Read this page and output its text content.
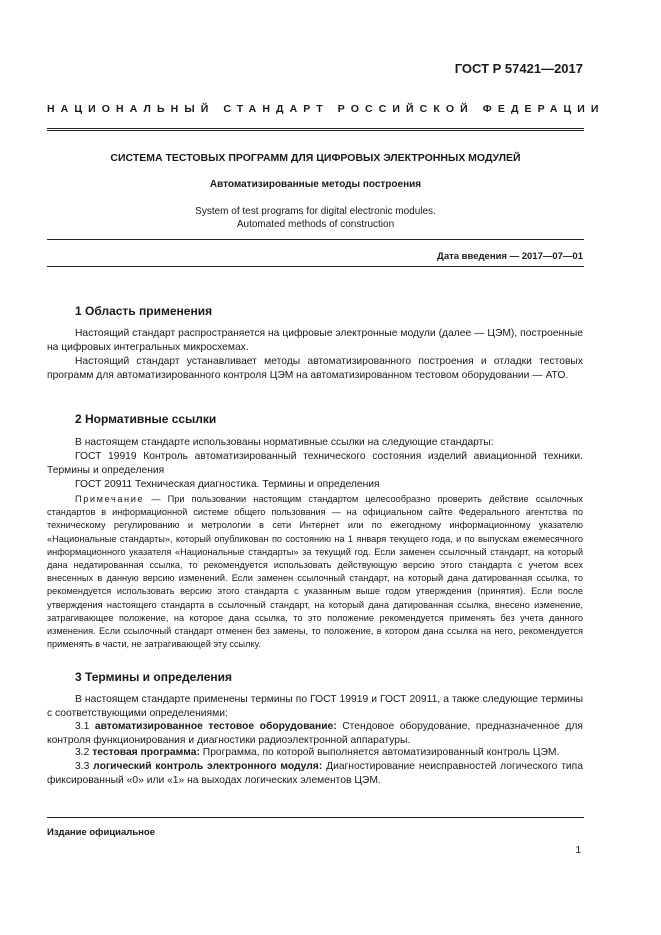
ГОСТ Р 57421—2017
НАЦИОНАЛЬНЫЙ СТАНДАРТ РОССИЙСКОЙ ФЕДЕРАЦИИ
СИСТЕМА ТЕСТОВЫХ ПРОГРАММ ДЛЯ ЦИФРОВЫХ ЭЛЕКТРОННЫХ МОДУЛЕЙ
Автоматизированные методы построения
System of test programs for digital electronic modules.
Automated methods of construction
Дата введения — 2017—07—01
1 Область применения
Настоящий стандарт распространяется на цифровые электронные модули (далее — ЦЭМ), построенные на цифровых интегральных микросхемах.
Настоящий стандарт устанавливает методы автоматизированного построения и отладки тестовых программ для автоматизированного контроля ЦЭМ на автоматизированном тестовом оборудовании — АТО.
2 Нормативные ссылки
В настоящем стандарте использованы нормативные ссылки на следующие стандарты:
ГОСТ 19919 Контроль автоматизированный технического состояния изделий авиационной техники. Термины и определения
ГОСТ 20911 Техническая диагностика. Термины и определения
Примечание — При пользовании настоящим стандартом целесообразно проверить действие ссылочных стандартов в информационной системе общего пользования — на официальном сайте Федерального агентства по техническому регулированию и метрологии в сети Интернет или по ежегодному информационному указателю «Национальные стандарты», который опубликован по состоянию на 1 января текущего года, и по выпускам ежемесячного информационного указателя «Национальные стандарты» за текущий год. Если заменен ссылочный стандарт, на который дана недатированная ссылка, то рекомендуется использовать действующую версию этого стандарта с учетом всех внесенных в данную версию изменений. Если заменен ссылочный стандарт, на который дана датированная ссылка, то рекомендуется использовать версию этого стандарта с указанным выше годом утверждения (принятия). Если после утверждения настоящего стандарта в ссылочный стандарт, на который дана датированная ссылка, внесено изменение, затрагивающее положение, на которое дана ссылка, то это положение рекомендуется применять без учета данного изменения. Если ссылочный стандарт отменен без замены, то положение, в котором дана ссылка на него, рекомендуется применять в части, не затрагивающей эту ссылку.
3 Термины и определения
В настоящем стандарте применены термины по ГОСТ 19919 и ГОСТ 20911, а также следующие термины с соответствующими определениями:
3.1 автоматизированное тестовое оборудование: Стендовое оборудование, предназначенное для контроля функционирования и диагностики радиоэлектронной аппаратуры.
3.2 тестовая программа: Программа, по которой выполняется автоматизированный контроль ЦЭМ.
3.3 логический контроль электронного модуля: Диагностирование неисправностей логического типа фиксированный «0» или «1» на выходах логических элементов ЦЭМ.
Издание официальное
1
